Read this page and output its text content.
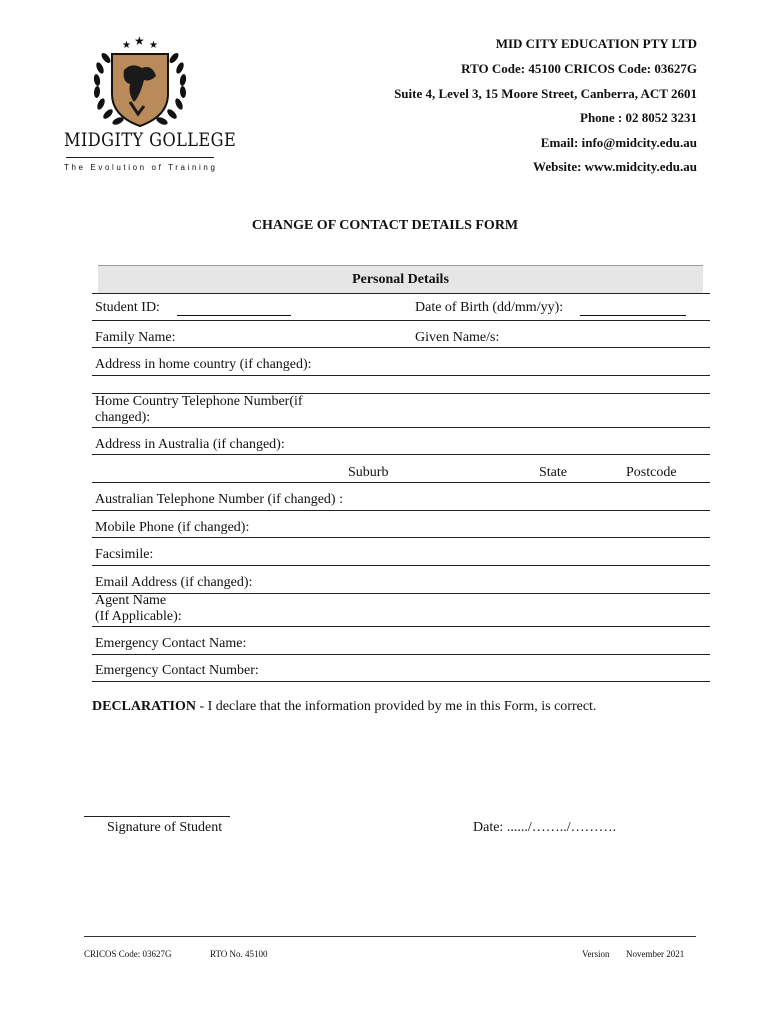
★ ★ ★
MIDGITY GOLLEGE
The Evolution of Training
MID CITY EDUCATION PTY LTD
RTO Code: 45100 CRICOS Code: 03627G
Suite 4, Level 3, 15 Moore Street, Canberra, ACT 2601
Phone : 02 8052 3231
Email: info@midcity.edu.au
Website: www.midcity.edu.au
CHANGE OF CONTACT DETAILS FORM
Personal Details
Student ID:	Date of Birth (dd/mm/yy):
Family Name:	Given Name/s:
Address in home country (if changed):
Home Country Telephone Number(if
changed):
Address in Australia (if changed):
Suburb	State	Postcode
Australian Telephone Number (if changed) :
Mobile Phone (if changed):
Facsimile:
Email Address (if changed):
Agent Name
(If Applicable):
Emergency Contact Name:
Emergency Contact Number:
DECLARATION - I declare that the information provided by me in this Form, is correct.
Signature of Student	Date: ....../……../……….
CRICOS Code: 03627G	RTO No. 45100	Version November 2021
